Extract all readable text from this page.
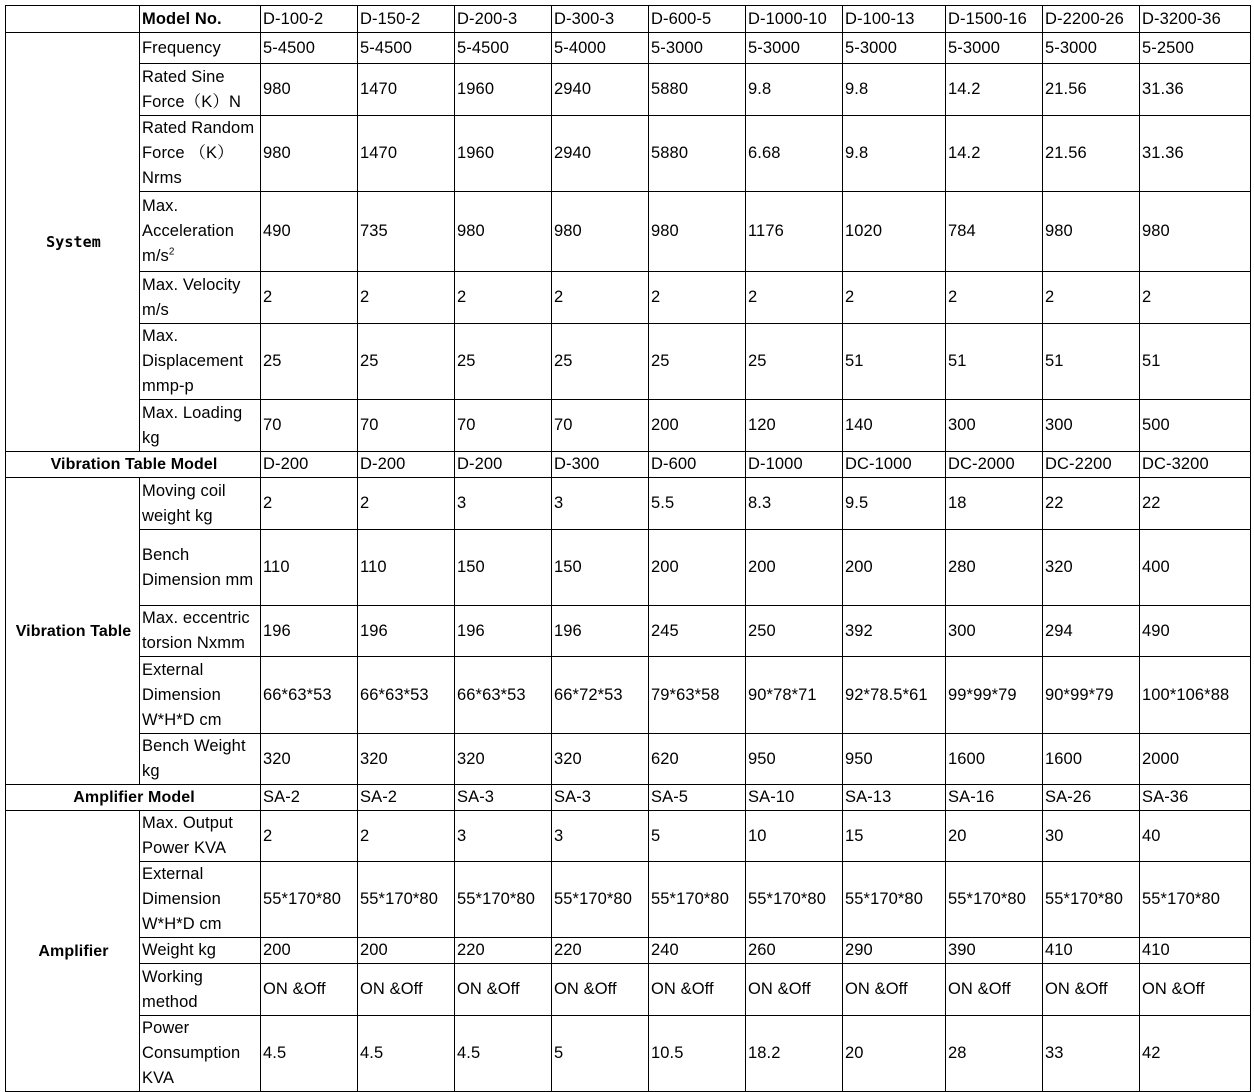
	Model No.	D-100-2	D-150-2	D-200-3	D-300-3	D-600-5	D-1000-10	D-100-13	D-1500-16	D-2200-26	D-3200-36
System	Frequency	5-4500	5-4500	5-4500	5-4000	5-3000	5-3000	5-3000	5-3000	5-3000	5-2500
	Rated Sine Force（K）N	980	1470	1960	2940	5880	9.8	9.8	14.2	21.56	31.36
	Rated Random Force （K） Nrms	980	1470	1960	2940	5880	6.68	9.8	14.2	21.56	31.36
	Max. Acceleration $m/s^2$	490	735	980	980	980	1176	1020	784	980	980
	Max. Velocity m/s	2	2	2	2	2	2	2	2	2	2
	Max. Displacement mmp-p	25	25	25	25	25	25	51	51	51	51
	Max. Loading kg	70	70	70	70	200	120	140	300	300	500
Vibration Table Model		D-200	D-200	D-200	D-300	D-600	D-1000	DC-1000	DC-2000	DC-2200	DC-3200
Vibration Table	Moving coil weight kg	2	2	3	3	5.5	8.3	9.5	18	22	22
	Bench Dimension mm	110	110	150	150	200	200	200	280	320	400
	Max. eccentric torsion Nxmm	196	196	196	196	245	250	392	300	294	490
	External Dimension W*H*D cm	66*63*53	66*63*53	66*63*53	66*72*53	79*63*58	90*78*71	92*78.5*61	99*99*79	90*99*79	100*106*88
	Bench Weight kg	320	320	320	320	620	950	950	1600	1600	2000
Amplifier Model		SA-2	SA-2	SA-3	SA-3	SA-5	SA-10	SA-13	SA-16	SA-26	SA-36
Amplifier	Max. Output Power KVA	2	2	3	3	5	10	15	20	30	40
	External Dimension W*H*D cm	55*170*80	55*170*80	55*170*80	55*170*80	55*170*80	55*170*80	55*170*80	55*170*80	55*170*80	55*170*80
	Weight kg	200	200	220	220	240	260	290	390	410	410
	Working method	ON &Off	ON &Off	ON &Off	ON &Off	ON &Off	ON &Off	ON &Off	ON &Off	ON &Off	ON &Off
	Power Consumption KVA	4.5	4.5	4.5	5	10.5	18.2	20	28	33	42
